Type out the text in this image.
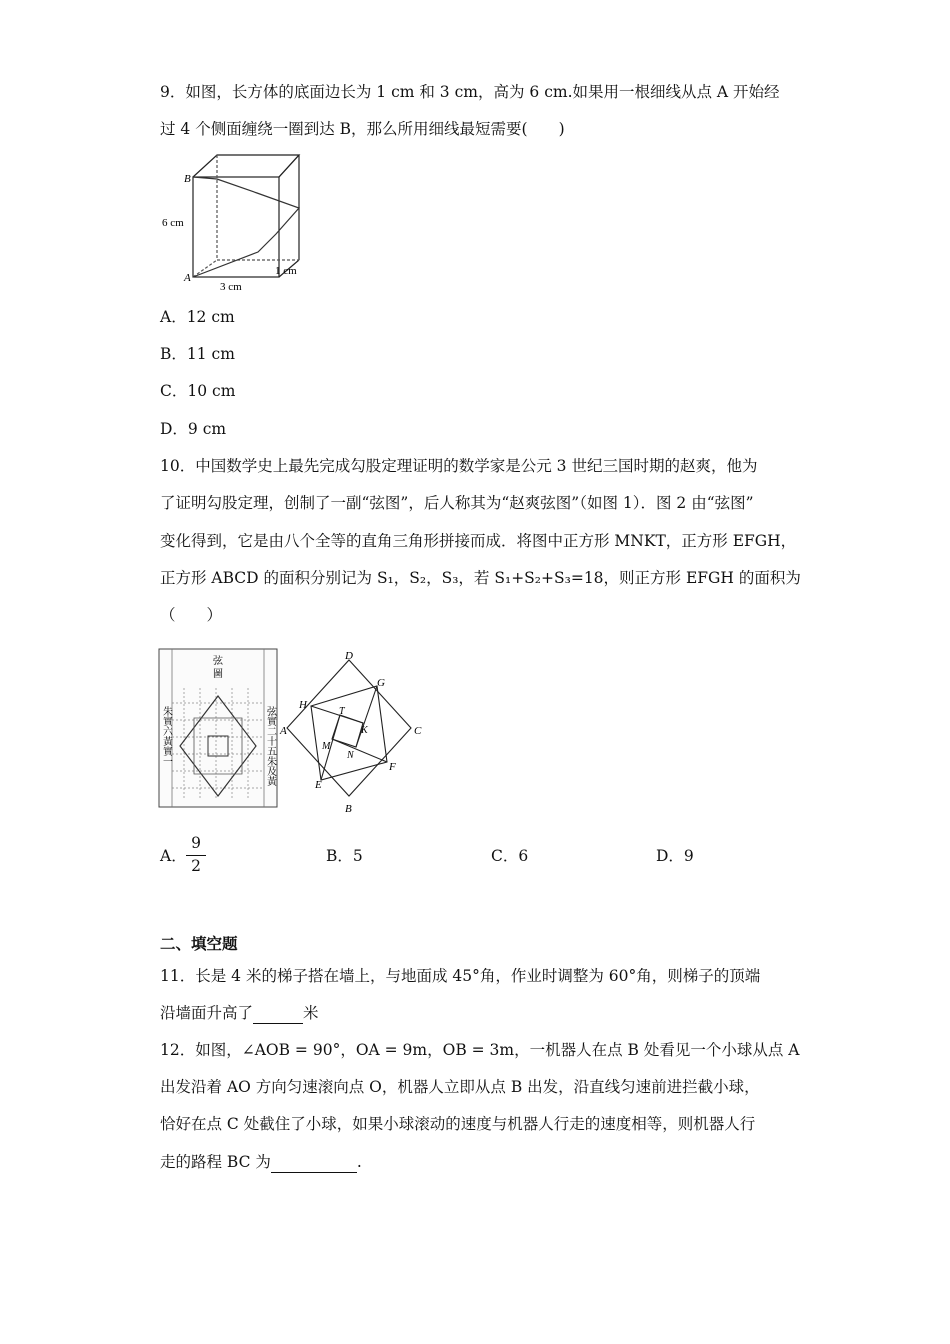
9．如图，长方体的底面边长为 1 cm 和 3 cm，高为 6 cm.如果用一根细线从点 A 开始经
过 4 个侧面缠绕一圈到达 B，那么所用细线最短需要(　　)
B
A
6 cm
3 cm
1 cm
A．12 cm
B．11 cm
C．10 cm
D．9 cm
10．中国数学史上最先完成勾股定理证明的数学家是公元 3 世纪三国时期的赵爽，他为
了证明勾股定理，创制了一副“弦图”，后人称其为“赵爽弦图”（如图 1）．图 2 由“弦图”
变化得到，它是由八个全等的直角三角形拼接而成．将图中正方形 MNKT，正方形 EFGH，
正方形 ABCD 的面积分别记为 S₁，S₂，S₃，若 S₁+S₂+S₃=18，则正方形 EFGH 的面积为
（　　）
弦
圖
朱實六黃實一	弦實二十五朱及黃
D
G
H
A
T
K	C
M
N
E
F
B
A．
9
2
B．5	C．6	D．9
二、填空题
11．长是 4 米的梯子搭在墙上，与地面成 45°角，作业时调整为 60°角，则梯子的顶端
沿墙面升高了	米
12．如图，∠AOB = 90°，OA = 9m，OB = 3m，一机器人在点 B 处看见一个小球从点 A
出发沿着 AO 方向匀速滚向点 O，机器人立即从点 B 出发，沿直线匀速前进拦截小球，
恰好在点 C 处截住了小球，如果小球滚动的速度与机器人行走的速度相等，则机器人行
走的路程 BC 为	.
